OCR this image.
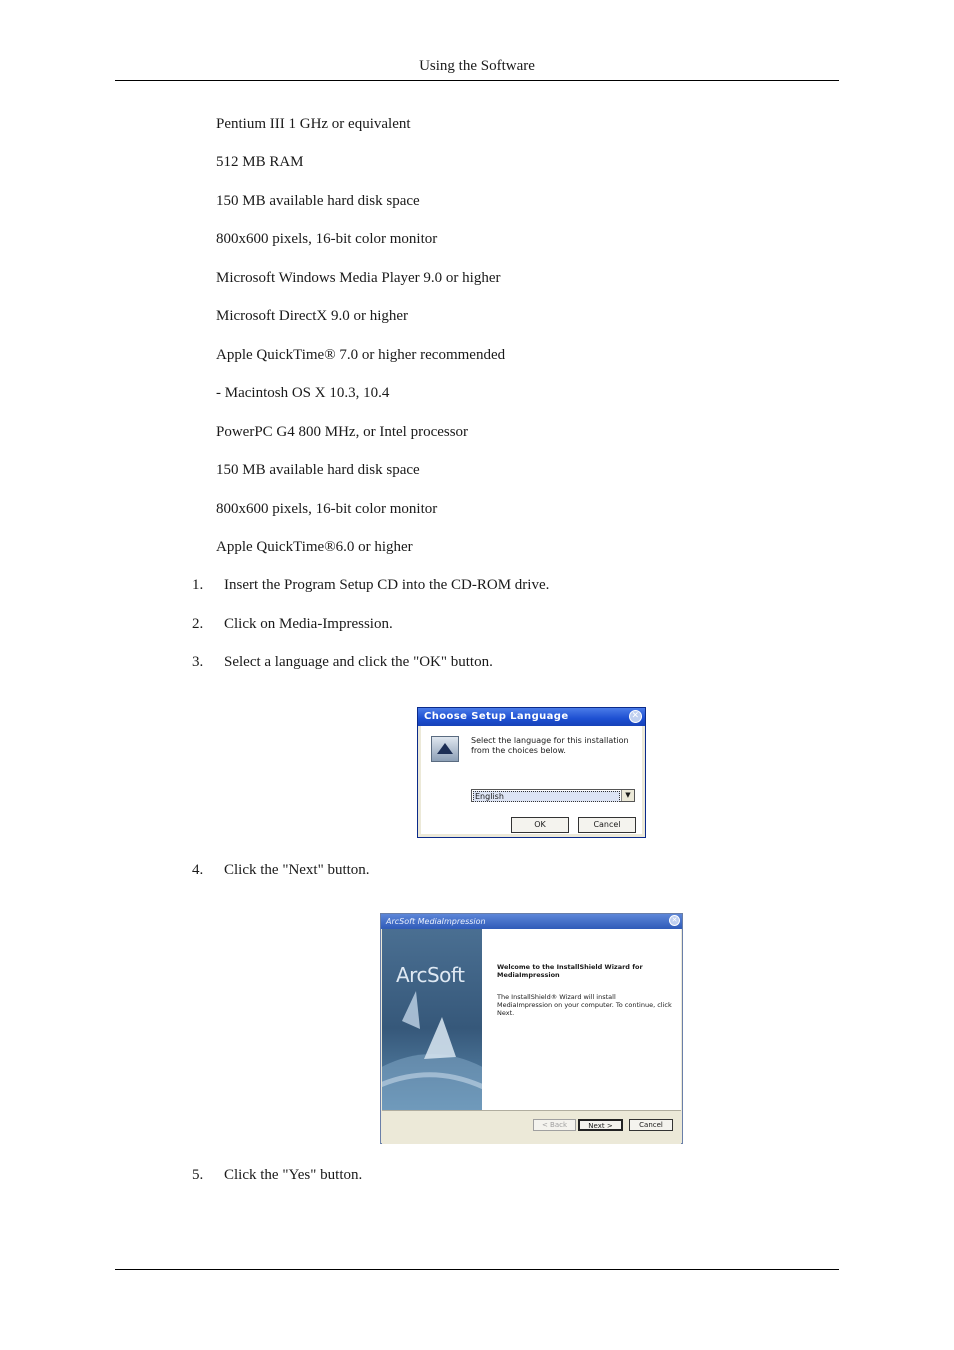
Using the Software
Pentium III 1 GHz or equivalent
512 MB RAM
150 MB available hard disk space
800x600 pixels, 16-bit color monitor
Microsoft Windows Media Player 9.0 or higher
Microsoft DirectX 9.0 or higher
Apple QuickTime® 7.0 or higher recommended
- Macintosh OS X 10.3, 10.4
PowerPC G4 800 MHz, or Intel processor
150 MB available hard disk space
800x600 pixels, 16-bit color monitor
Apple QuickTime®6.0 or higher
1. Insert the Program Setup CD into the CD-ROM drive.
2. Click on Media-Impression.
3. Select a language and click the "OK" button.
Choose Setup Language	✕
Select the language for this installation from the choices below.
English	▼
OK	Cancel
4. Click the "Next" button.
ArcSoft MediaImpression	✕
ArcSoft	Welcome to the InstallShield Wizard for MediaImpression
The InstallShield® Wizard will install MediaImpression on your computer. To continue, click Next.
< Back	Next >	Cancel
5. Click the "Yes" button.
